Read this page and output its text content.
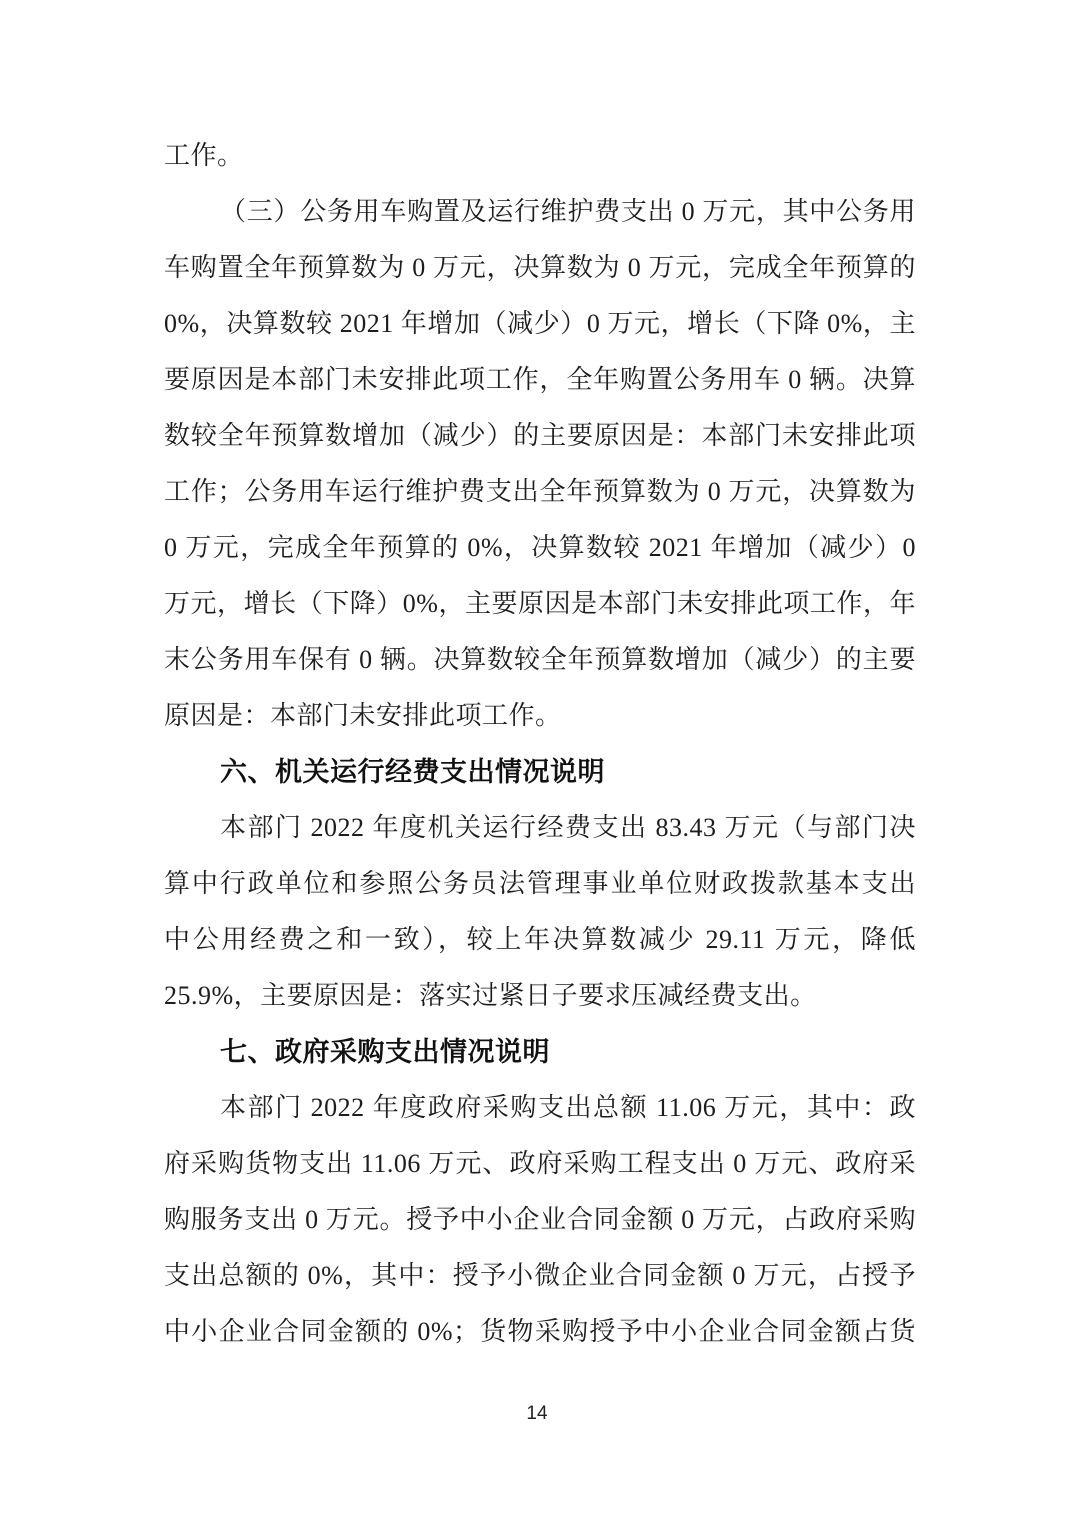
工作。
（三）公务用车购置及运行维护费支出 0 万元，其中公务用
车购置全年预算数为 0 万元，决算数为 0 万元，完成全年预算的
0%，决算数较 2021 年增加（减少）0 万元，增长（下降 0%，主
要原因是本部门未安排此项工作，全年购置公务用车 0 辆。决算
数较全年预算数增加（减少）的主要原因是：本部门未安排此项
工作；公务用车运行维护费支出全年预算数为 0 万元，决算数为
0 万元，完成全年预算的 0%，决算数较 2021 年增加（减少）0
万元，增长（下降）0%，主要原因是本部门未安排此项工作，年
末公务用车保有 0 辆。决算数较全年预算数增加（减少）的主要
原因是：本部门未安排此项工作。
六、机关运行经费支出情况说明
本部门 2022 年度机关运行经费支出 83.43 万元（与部门决
算中行政单位和参照公务员法管理事业单位财政拨款基本支出
中公用经费之和一致），较上年决算数减少 29.11 万元，降低
25.9%，主要原因是：落实过紧日子要求压减经费支出。
七、政府采购支出情况说明
本部门 2022 年度政府采购支出总额 11.06 万元，其中：政
府采购货物支出 11.06 万元、政府采购工程支出 0 万元、政府采
购服务支出 0 万元。授予中小企业合同金额 0 万元，占政府采购
支出总额的 0%，其中：授予小微企业合同金额 0 万元，占授予
中小企业合同金额的 0%；货物采购授予中小企业合同金额占货
14
